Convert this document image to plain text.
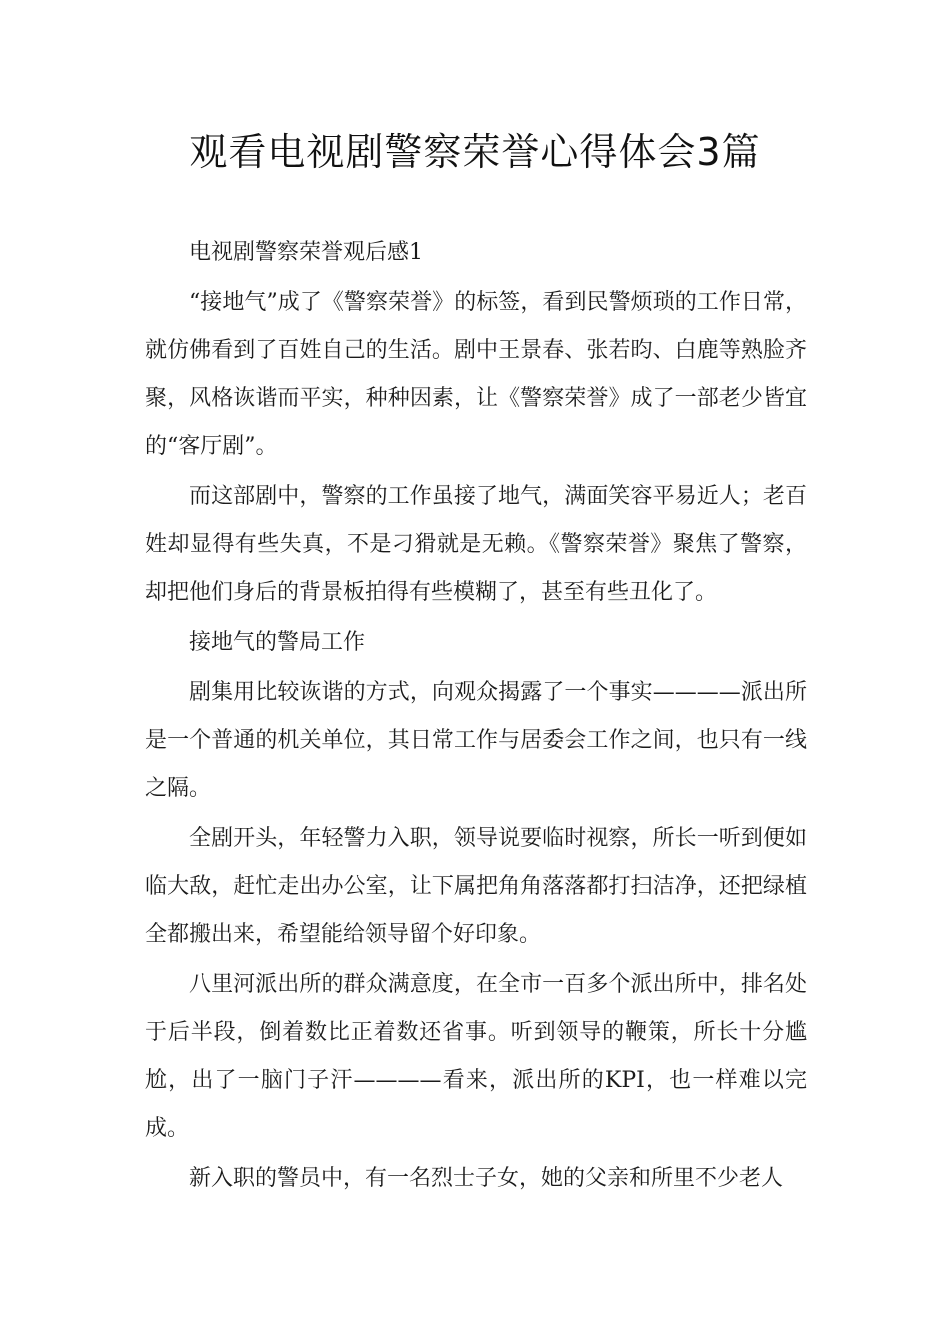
观看电视剧警察荣誉心得体会3篇

电视剧警察荣誉观后感1

“接地气”成了《警察荣誉》的标签，看到民警烦琐的工作日常，就仿佛看到了百姓自己的生活。剧中王景春、张若昀、白鹿等熟脸齐聚，风格诙谐而平实，种种因素，让《警察荣誉》成了一部老少皆宜的“客厅剧”。

而这部剧中，警察的工作虽接了地气，满面笑容平易近人；老百姓却显得有些失真，不是刁猾就是无赖。《警察荣誉》聚焦了警察，却把他们身后的背景板拍得有些模糊了，甚至有些丑化了。

接地气的警局工作

剧集用比较诙谐的方式，向观众揭露了一个事实————派出所是一个普通的机关单位，其日常工作与居委会工作之间，也只有一线之隔。

全剧开头，年轻警力入职，领导说要临时视察，所长一听到便如临大敌，赶忙走出办公室，让下属把角角落落都打扫洁净，还把绿植全都搬出来，希望能给领导留个好印象。

八里河派出所的群众满意度，在全市一百多个派出所中，排名处于后半段，倒着数比正着数还省事。听到领导的鞭策，所长十分尴尬，出了一脑门子汗————看来，派出所的KPI，也一样难以完成。

新入职的警员中，有一名烈士子女，她的父亲和所里不少老人
